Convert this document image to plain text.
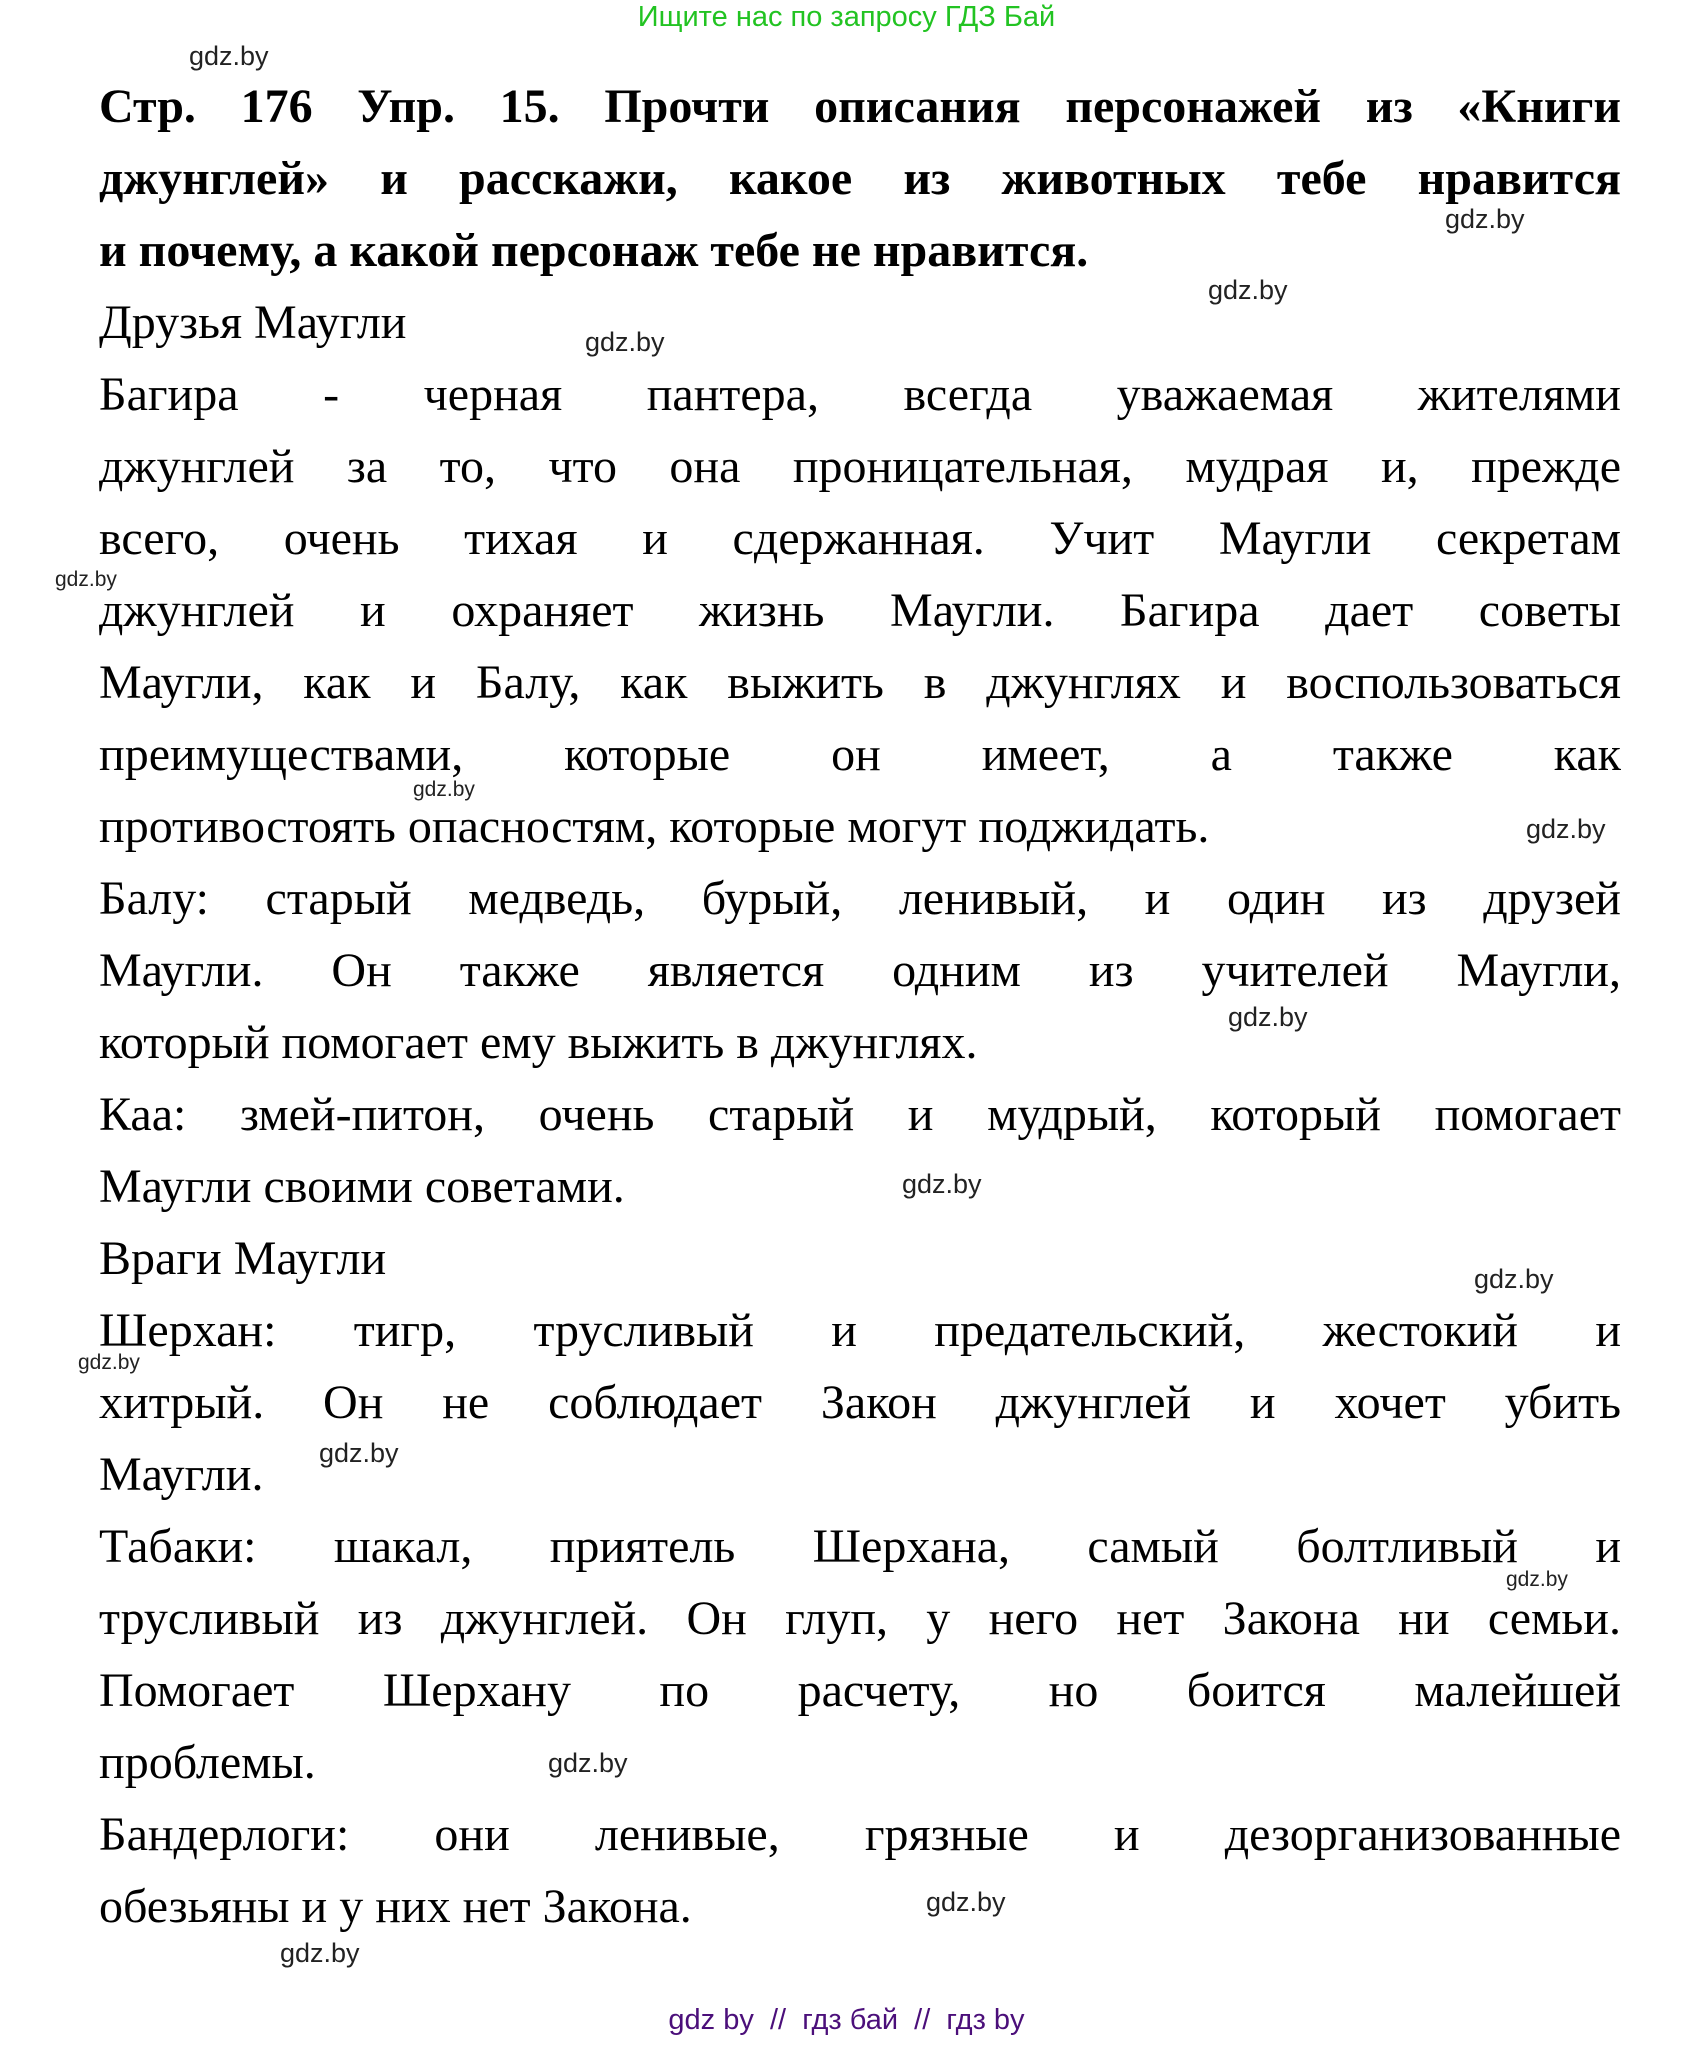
Ищите нас по запросу ГДЗ Бай
Стр. 176 Упр. 15. Прочти описания персонажей из «Книги
джунглей» и расскажи, какое из животных тебе нравится
и почему, а какой персонаж тебе не нравится.
Друзья Маугли
Багира - черная пантера, всегда уважаемая жителями
джунглей за то, что она проницательная, мудрая и, прежде
всего, очень тихая и сдержанная. Учит Маугли секретам
джунглей и охраняет жизнь Маугли. Багира дает советы
Маугли, как и Балу, как выжить в джунглях и воспользоваться
преимуществами, которые он имеет, а также как
противостоять опасностям, которые могут поджидать.
Балу: старый медведь, бурый, ленивый, и один из друзей
Маугли. Он также является одним из учителей Маугли,
который помогает ему выжить в джунглях.
Каа: змей-питон, очень старый и мудрый, который помогает
Маугли своими советами.
Враги Маугли
Шерхан: тигр, трусливый и предательский, жестокий и
хитрый. Он не соблюдает Закон джунглей и хочет убить
Маугли.
Табаки: шакал, приятель Шерхана, самый болтливый и
трусливый из джунглей. Он глуп, у него нет Закона ни семьи.
Помогает Шерхану по расчету, но боится малейшей
проблемы.
Бандерлоги: они ленивые, грязные и дезорганизованные
обезьяны и у них нет Закона.
gdz.by
gdz.by
gdz.by
gdz.by
gdz.by
gdz.by
gdz.by
gdz.by
gdz.by
gdz.by
gdz.by
gdz.by
gdz.by
gdz.by
gdz.by
gdz.by
gdz by  //  гдз бай  //  гдз by
